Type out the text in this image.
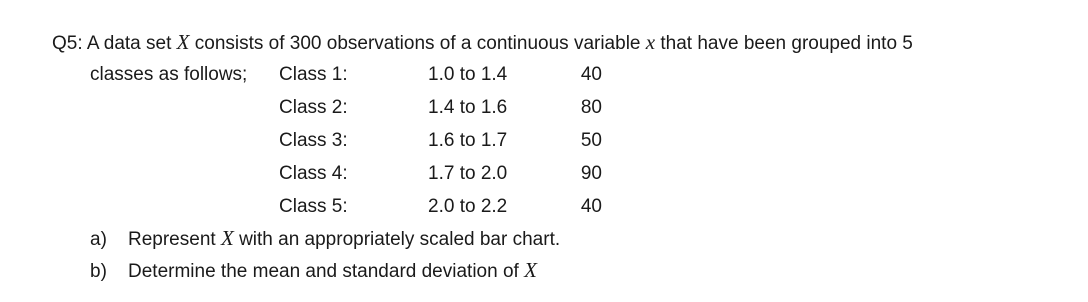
Q5: A data set X consists of 300 observations of a continuous variable x that have been grouped into 5
classes as follows; Class 1:	1.0 to 1.4	40
Class 2:	1.4 to 1.6	80
Class 3:	1.6 to 1.7	50
Class 4:	1.7 to 2.0	90
Class 5:	2.0 to 2.2	40
a) Represent X with an appropriately scaled bar chart.
b) Determine the mean and standard deviation of X
